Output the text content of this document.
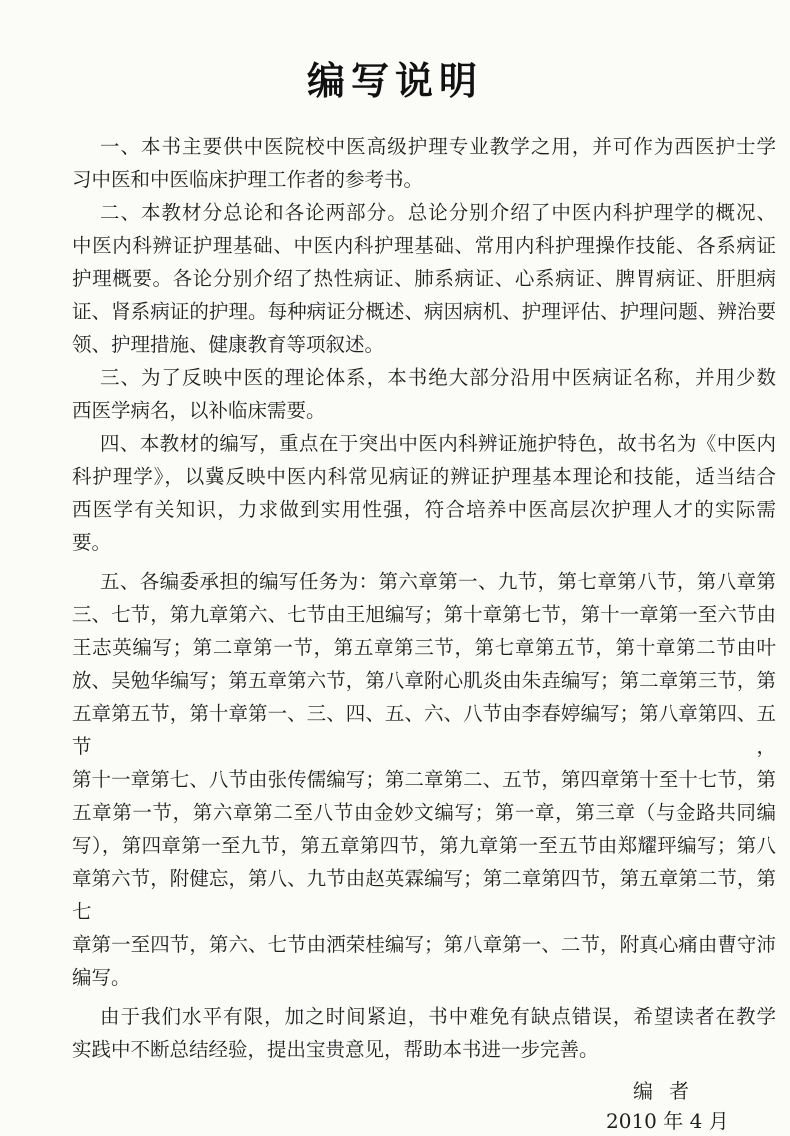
编写说明
一、本书主要供中医院校中医高级护理专业教学之用，并可作为西医护士学
习中医和中医临床护理工作者的参考书。
二、本教材分总论和各论两部分。总论分别介绍了中医内科护理学的概况、
中医内科辨证护理基础、中医内科护理基础、常用内科护理操作技能、各系病证
护理概要。各论分别介绍了热性病证、肺系病证、心系病证、脾胃病证、肝胆病
证、肾系病证的护理。每种病证分概述、病因病机、护理评估、护理问题、辨治要
领、护理措施、健康教育等项叙述。
三、为了反映中医的理论体系，本书绝大部分沿用中医病证名称，并用少数
西医学病名，以补临床需要。
四、本教材的编写，重点在于突出中医内科辨证施护特色，故书名为《中医内
科护理学》，以冀反映中医内科常见病证的辨证护理基本理论和技能，适当结合
西医学有关知识，力求做到实用性强，符合培养中医高层次护理人才的实际需
要。
五、各编委承担的编写任务为：第六章第一、九节，第七章第八节，第八章第
三、七节，第九章第六、七节由王旭编写；第十章第七节，第十一章第一至六节由
王志英编写；第二章第一节，第五章第三节，第七章第五节，第十章第二节由叶
放、吴勉华编写；第五章第六节，第八章附心肌炎由朱垚编写；第二章第三节，第
五章第五节，第十章第一、三、四、五、六、八节由李春婷编写；第八章第四、五节，
第十一章第七、八节由张传儒编写；第二章第二、五节，第四章第十至十七节，第
五章第一节，第六章第二至八节由金妙文编写；第一章，第三章（与金路共同编
写），第四章第一至九节，第五章第四节，第九章第一至五节由郑耀玶编写；第八
章第六节，附健忘，第八、九节由赵英霖编写；第二章第四节，第五章第二节，第七
章第一至四节，第六、七节由洒荣桂编写；第八章第一、二节，附真心痛由曹守沛
编写。
由于我们水平有限，加之时间紧迫，书中难免有缺点错误，希望读者在教学
实践中不断总结经验，提出宝贵意见，帮助本书进一步完善。
编者
2010 年 4 月
